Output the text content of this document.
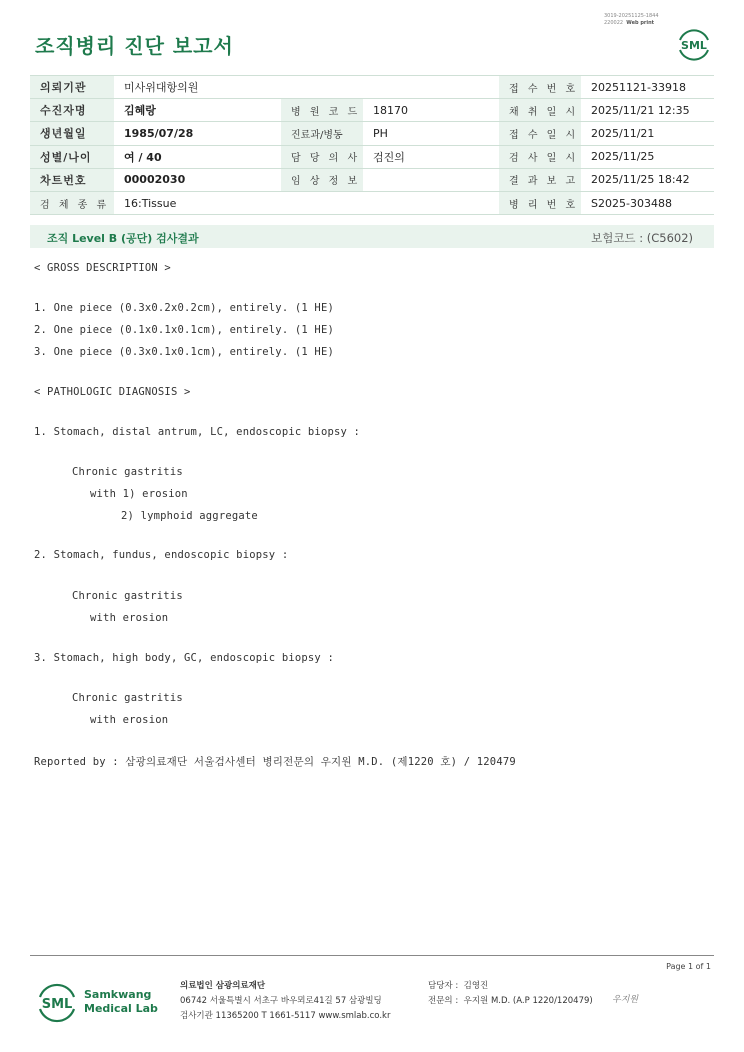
조직병리 진단 보고서
3019-20251125-1844
220022 Web print
SML
의뢰기관	미사위대항의원			접 수 번 호	20251121-33918
수진자명	김혜랑	병 원 코 드	18170	채 취 일 시	2025/11/21 12:35
생년월일	1985/07/28	진료과/병동	PH	접 수 일 시	2025/11/21
성별/나이	여 / 40	담 당 의 사	검진의	검 사 일 시	2025/11/25
차트번호	00002030	임 상 정 보		결 과 보 고	2025/11/25 18:42
검 체 종 류	16:Tissue			병 리 번 호	S2025-303488
조직 Level B (공단) 검사결과	보험코드 : (C5602)
< GROSS DESCRIPTION >
1. One piece (0.3x0.2x0.2cm), entirely. (1 HE)
2. One piece (0.1x0.1x0.1cm), entirely. (1 HE)
3. One piece (0.3x0.1x0.1cm), entirely. (1 HE)
< PATHOLOGIC DIAGNOSIS >
1. Stomach, distal antrum, LC, endoscopic biopsy :
Chronic gastritis
with 1) erosion
2) lymphoid aggregate
2. Stomach, fundus, endoscopic biopsy :
Chronic gastritis
with erosion
3. Stomach, high body, GC, endoscopic biopsy :
Chronic gastritis
with erosion
Reported by : 삼광의료재단 서울검사센터 병리전문의 우지원 M.D. (제1220 호) / 120479
Page 1 of 1
SML
Samkwang
Medical Lab
의료법인 삼광의료재단
06742 서울특별시 서초구 바우뫼로41길 57 삼광빌딩
검사기관 11365200 T 1661-5117 www.smlab.co.kr
담당자 : 김영진
전문의 : 우지원 M.D. (A.P 1220/120479) 우지원
